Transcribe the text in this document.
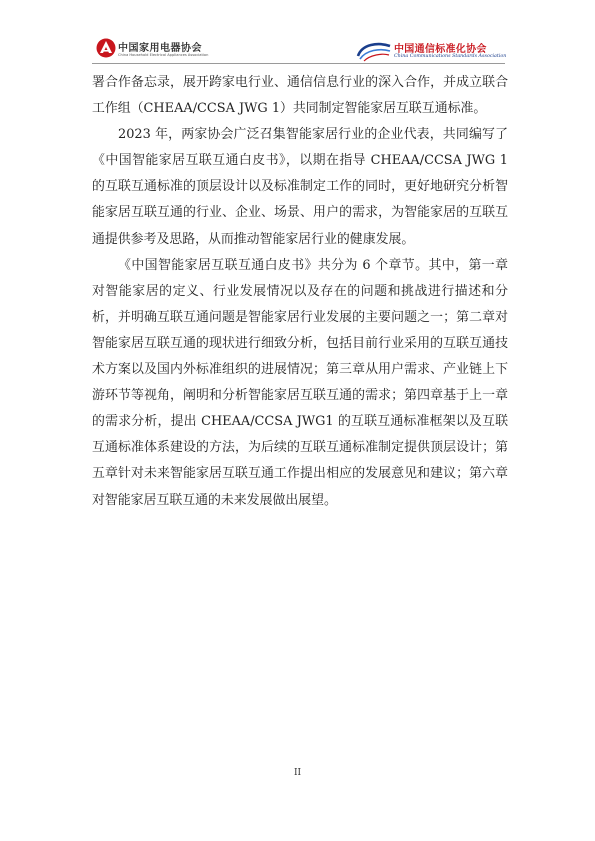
中国家用电器协会
China Household Electrical Appliances Association	中国通信标准化协会
China Communications Standards Association

署合作备忘录，展开跨家电行业、通信信息行业的深入合作，并成立联合工作组（CHEAA/CCSA JWG 1）共同制定智能家居互联互通标准。

2023 年，两家协会广泛召集智能家居行业的企业代表，共同编写了《中国智能家居互联互通白皮书》，以期在指导 CHEAA/CCSA JWG 1 的互联互通标准的顶层设计以及标准制定工作的同时，更好地研究分析智能家居互联互通的行业、企业、场景、用户的需求，为智能家居的互联互通提供参考及思路，从而推动智能家居行业的健康发展。

《中国智能家居互联互通白皮书》共分为 6 个章节。其中，第一章对智能家居的定义、行业发展情况以及存在的问题和挑战进行描述和分析，并明确互联互通问题是智能家居行业发展的主要问题之一；第二章对智能家居互联互通的现状进行细致分析，包括目前行业采用的互联互通技术方案以及国内外标准组织的进展情况；第三章从用户需求、产业链上下游环节等视角，阐明和分析智能家居互联互通的需求；第四章基于上一章的需求分析，提出 CHEAA/CCSA JWG1 的互联互通标准框架以及互联互通标准体系建设的方法，为后续的互联互通标准制定提供顶层设计；第五章针对未来智能家居互联互通工作提出相应的发展意见和建议；第六章对智能家居互联互通的未来发展做出展望。

II
